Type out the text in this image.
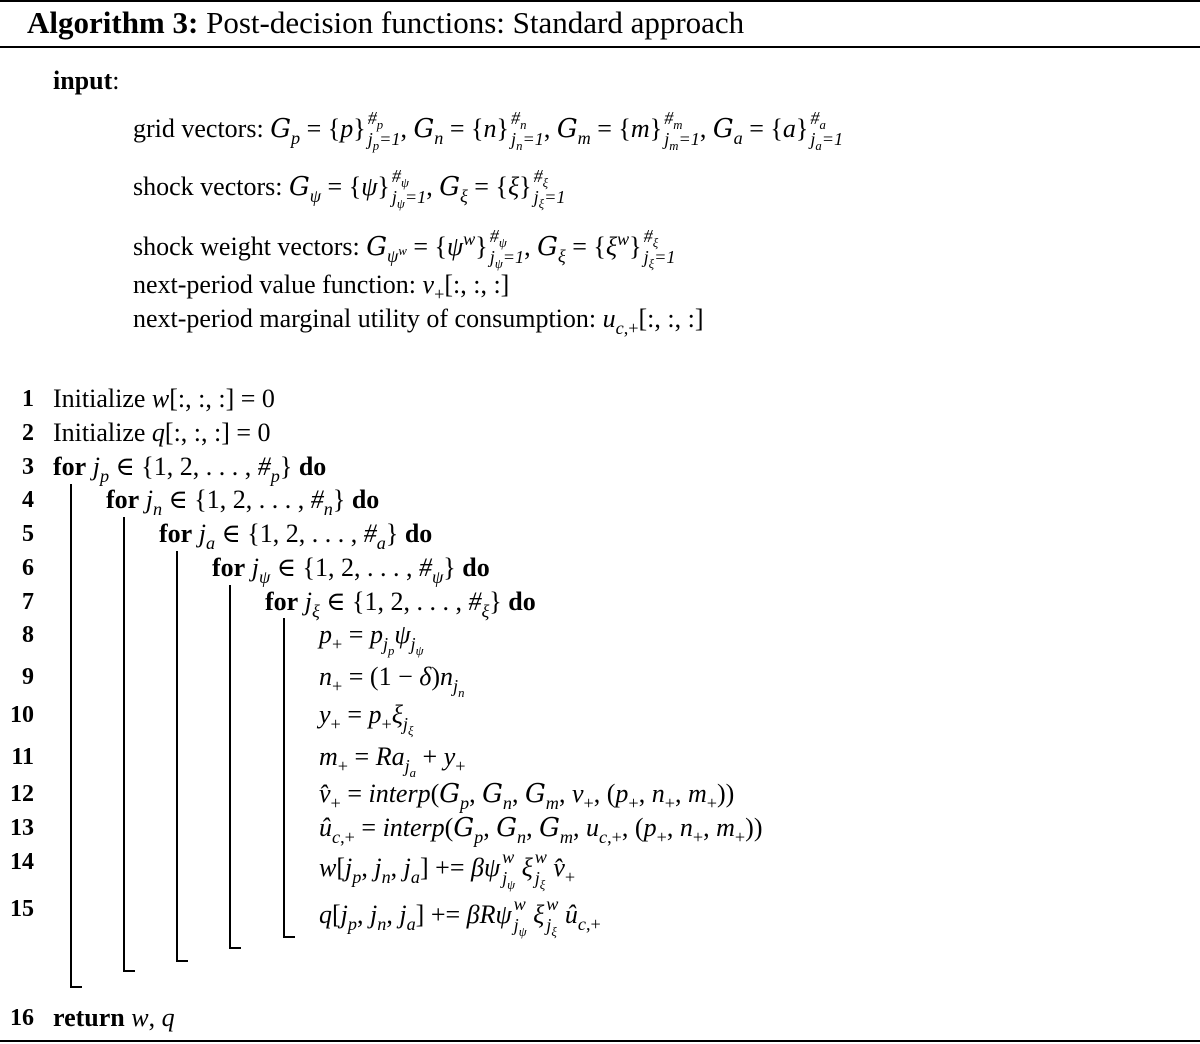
Algorithm 3: Post-decision functions: Standard approach
input:
grid vectors: $G_p = \{p\}$ $\#_p$
$j_p=1$ , $G_n = \{n\}$ $\#_n$
$j_n=1$ , $G_m = \{m\}$ $\#_m$
$j_m=1$ , $G_a = \{a\}$ $\#_a$
$j_a=1$
shock vectors: $G_\psi = \{\psi\}$ $\#_\psi$
$j_\psi=1$ , $G_\xi = \{\xi\}$ $\#_\xi$
$j_\xi=1$
shock weight vectors: $G_{\psi^w} = \{\psi^w\}$ $\#_\psi$
$j_\psi=1$ , $G_\xi = \{\xi^w\}$ $\#_\xi$
$j_\xi=1$
next-period value function: $v_+$[:, :, :]
next-period marginal utility of consumption: $u_{c,+}$[:, :, :]
1
2
3
4
5
6
7
8
9
10
11
12
13
14
15
16
Initialize w[:, :, :] = 0
Initialize q[:, :, :] = 0
for $j_p$ ∈ {1, 2, . . . , $\#_p$} do
for $j_n$ ∈ {1, 2, . . . , $\#_n$} do
for $j_a$ ∈ {1, 2, . . . , $\#_a$} do
for $j_\psi$ ∈ {1, 2, . . . , $\#_\psi$} do
for $j_\xi$ ∈ {1, 2, . . . , $\#_\xi$} do
$p_+ = p_{j_p}\psi_{j_\psi}$
$n_+ = (1 - \delta)n_{j_n}$
$y_+ = p_+\xi_{j_\xi}$
$m_+ = Ra_{j_a} + y_+$
$v̂_+$ = $interp(G_p$, $G_n$, $G_m$, $v_+$, ($p_+$, $n_+$, $m_+$))
$û_{c,+}$ = $interp(G_p$, $G_n$, $G_m$, $u_{c,+}$, ($p_+$, $n_+$, $m_+$))
$w[j_p$, $j_n$, $j_a] += \beta\psi$ w
$j_\psi$
ξ w
$j_\xi$
$v̂_+$
$q[j_p$, $j_n$, $j_a] += \beta R\psi$ w
$j_\psi$
ξ w
$j_\xi$
$û_{c,+}$
return w, q
